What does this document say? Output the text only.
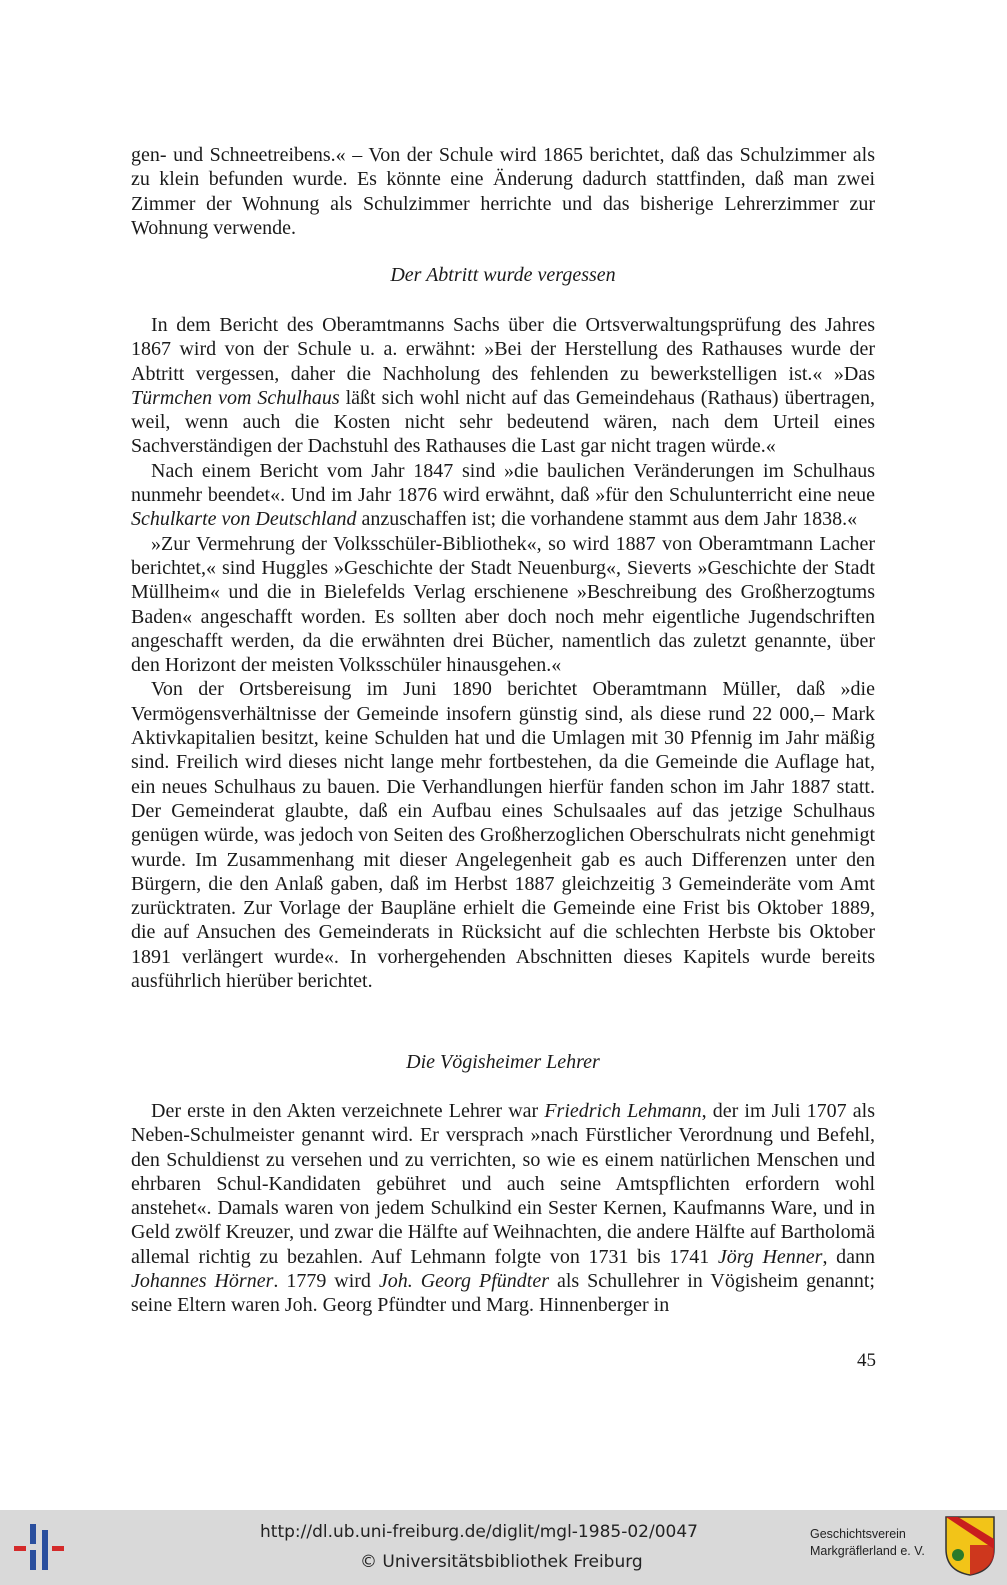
gen- und Schneetreibens.« – Von der Schule wird 1865 berichtet, daß das Schulzimmer als zu klein befunden wurde. Es könnte eine Änderung dadurch stattfinden, daß man zwei Zimmer der Wohnung als Schulzimmer herrichte und das bisherige Lehrerzimmer zur Wohnung verwende.

Der Abtritt wurde vergessen

In dem Bericht des Oberamtmanns Sachs über die Ortsverwaltungsprüfung des Jahres 1867 wird von der Schule u. a. erwähnt: »Bei der Herstellung des Rathauses wurde der Abtritt vergessen, daher die Nachholung des fehlenden zu bewerkstelligen ist.« »Das Türmchen vom Schulhaus läßt sich wohl nicht auf das Gemeindehaus (Rathaus) übertragen, weil, wenn auch die Kosten nicht sehr bedeutend wären, nach dem Urteil eines Sachverständigen der Dachstuhl des Rathauses die Last gar nicht tragen würde.«

Nach einem Bericht vom Jahr 1847 sind »die baulichen Veränderungen im Schulhaus nunmehr beendet«. Und im Jahr 1876 wird erwähnt, daß »für den Schulunterricht eine neue Schulkarte von Deutschland anzuschaffen ist; die vorhandene stammt aus dem Jahr 1838.«

»Zur Vermehrung der Volksschüler-Bibliothek«, so wird 1887 von Oberamtmann Lacher berichtet,« sind Huggles »Geschichte der Stadt Neuenburg«, Sieverts »Geschichte der Stadt Müllheim« und die in Bielefelds Verlag erschienene »Beschreibung des Großherzogtums Baden« angeschafft worden. Es sollten aber doch noch mehr eigentliche Jugendschriften angeschafft werden, da die erwähnten drei Bücher, namentlich das zuletzt genannte, über den Horizont der meisten Volksschüler hinausgehen.«

Von der Ortsbereisung im Juni 1890 berichtet Oberamtmann Müller, daß »die Vermögensverhältnisse der Gemeinde insofern günstig sind, als diese rund 22 000,– Mark Aktivkapitalien besitzt, keine Schulden hat und die Umlagen mit 30 Pfennig im Jahr mäßig sind. Freilich wird dieses nicht lange mehr fortbestehen, da die Gemeinde die Auflage hat, ein neues Schulhaus zu bauen. Die Verhandlungen hierfür fanden schon im Jahr 1887 statt. Der Gemeinderat glaubte, daß ein Aufbau eines Schulsaales auf das jetzige Schulhaus genügen würde, was jedoch von Seiten des Großherzoglichen Oberschulrats nicht genehmigt wurde. Im Zusammenhang mit dieser Angelegenheit gab es auch Differenzen unter den Bürgern, die den Anlaß gaben, daß im Herbst 1887 gleichzeitig 3 Gemeinderäte vom Amt zurücktraten. Zur Vorlage der Baupläne erhielt die Gemeinde eine Frist bis Oktober 1889, die auf Ansuchen des Gemeinderats in Rücksicht auf die schlechten Herbste bis Oktober 1891 verlängert wurde«. In vorhergehenden Abschnitten dieses Kapitels wurde bereits ausführlich hierüber berichtet.

Die Vögisheimer Lehrer

Der erste in den Akten verzeichnete Lehrer war Friedrich Lehmann, der im Juli 1707 als Neben-Schulmeister genannt wird. Er versprach »nach Fürstlicher Verordnung und Befehl, den Schuldienst zu versehen und zu verrichten, so wie es einem natürlichen Menschen und ehrbaren Schul-Kandidaten gebühret und auch seine Amtspflichten erfordern wohl anstehet«. Damals waren von jedem Schulkind ein Sester Kernen, Kaufmanns Ware, und in Geld zwölf Kreuzer, und zwar die Hälfte auf Weihnachten, die andere Hälfte auf Bartholomä allemal richtig zu bezahlen. Auf Lehmann folgte von 1731 bis 1741 Jörg Henner, dann Johannes Hörner. 1779 wird Joh. Georg Pfündter als Schullehrer in Vögisheim genannt; seine Eltern waren Joh. Georg Pfündter und Marg. Hinnenberger in

45
http://dl.ub.uni-freiburg.de/diglit/mgl-1985-02/0047
© Universitätsbibliothek Freiburg
Geschichtsverein
Markgräflerland e. V.
